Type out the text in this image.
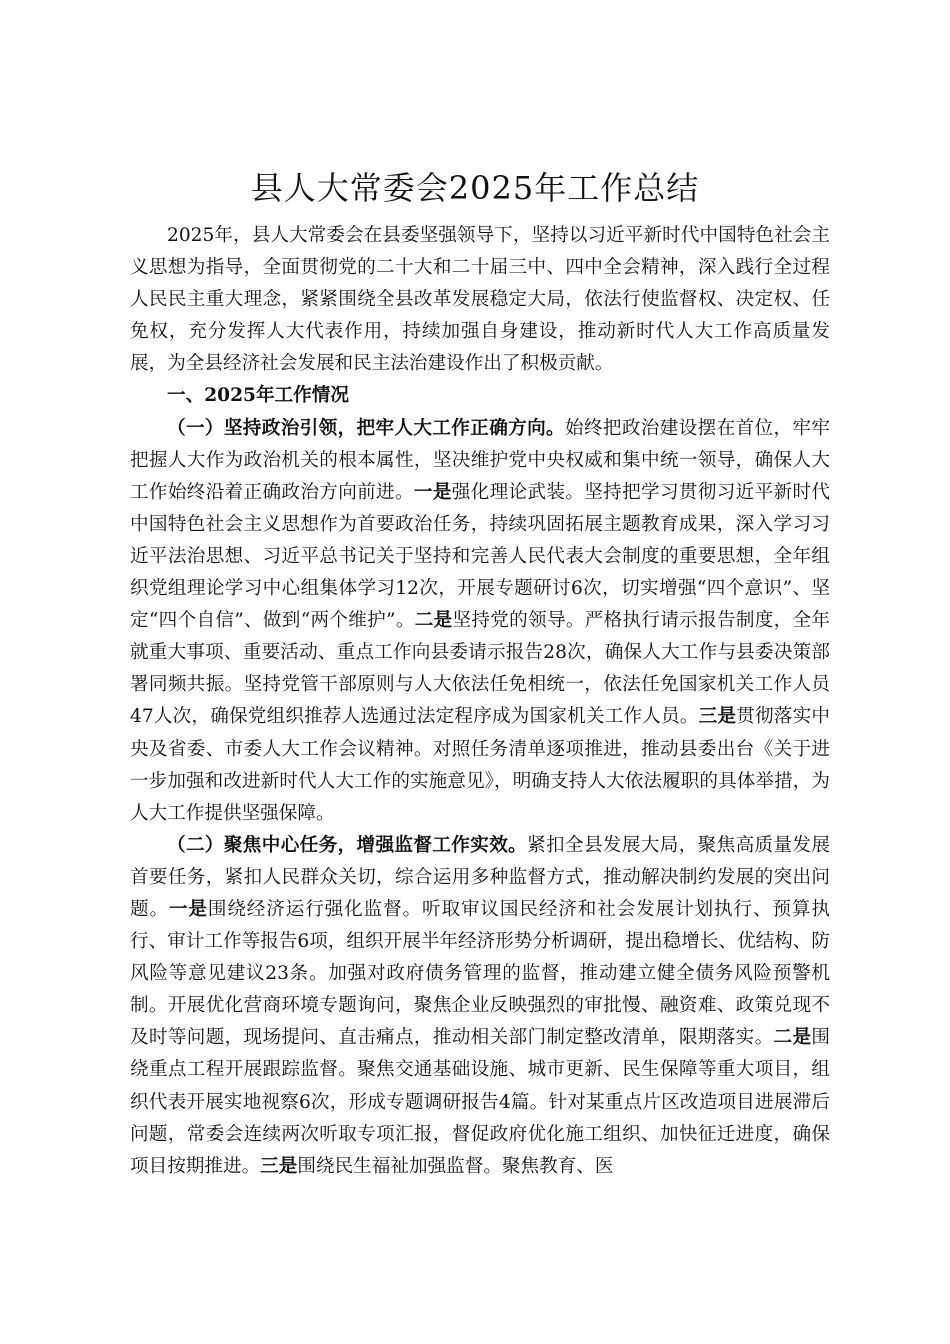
县人大常委会2025年工作总结

2025年，县人大常委会在县委坚强领导下，坚持以习近平新时代中国特色社会主义思想为指导，全面贯彻党的二十大和二十届三中、四中全会精神，深入践行全过程人民民主重大理念，紧紧围绕全县改革发展稳定大局，依法行使监督权、决定权、任免权，充分发挥人大代表作用，持续加强自身建设，推动新时代人大工作高质量发展，为全县经济社会发展和民主法治建设作出了积极贡献。

一、2025年工作情况

（一）坚持政治引领，把牢人大工作正确方向。始终把政治建设摆在首位，牢牢把握人大作为政治机关的根本属性，坚决维护党中央权威和集中统一领导，确保人大工作始终沿着正确政治方向前进。一是强化理论武装。坚持把学习贯彻习近平新时代中国特色社会主义思想作为首要政治任务，持续巩固拓展主题教育成果，深入学习习近平法治思想、习近平总书记关于坚持和完善人民代表大会制度的重要思想，全年组织党组理论学习中心组集体学习12次，开展专题研讨6次，切实增强“四个意识”、坚定“四个自信”、做到“两个维护”。二是坚持党的领导。严格执行请示报告制度，全年就重大事项、重要活动、重点工作向县委请示报告28次，确保人大工作与县委决策部署同频共振。坚持党管干部原则与人大依法任免相统一，依法任免国家机关工作人员47人次，确保党组织推荐人选通过法定程序成为国家机关工作人员。三是贯彻落实中央及省委、市委人大工作会议精神。对照任务清单逐项推进，推动县委出台《关于进一步加强和改进新时代人大工作的实施意见》，明确支持人大依法履职的具体举措，为人大工作提供坚强保障。

（二）聚焦中心任务，增强监督工作实效。紧扣全县发展大局，聚焦高质量发展首要任务，紧扣人民群众关切，综合运用多种监督方式，推动解决制约发展的突出问题。一是围绕经济运行强化监督。听取审议国民经济和社会发展计划执行、预算执行、审计工作等报告6项，组织开展半年经济形势分析调研，提出稳增长、优结构、防风险等意见建议23条。加强对政府债务管理的监督，推动建立健全债务风险预警机制。开展优化营商环境专题询问，聚焦企业反映强烈的审批慢、融资难、政策兑现不及时等问题，现场提问、直击痛点，推动相关部门制定整改清单，限期落实。二是围绕重点工程开展跟踪监督。聚焦交通基础设施、城市更新、民生保障等重大项目，组织代表开展实地视察6次，形成专题调研报告4篇。针对某重点片区改造项目进展滞后问题，常委会连续两次听取专项汇报，督促政府优化施工组织、加快征迁进度，确保项目按期推进。三是围绕民生福祉加强监督。聚焦教育、医
